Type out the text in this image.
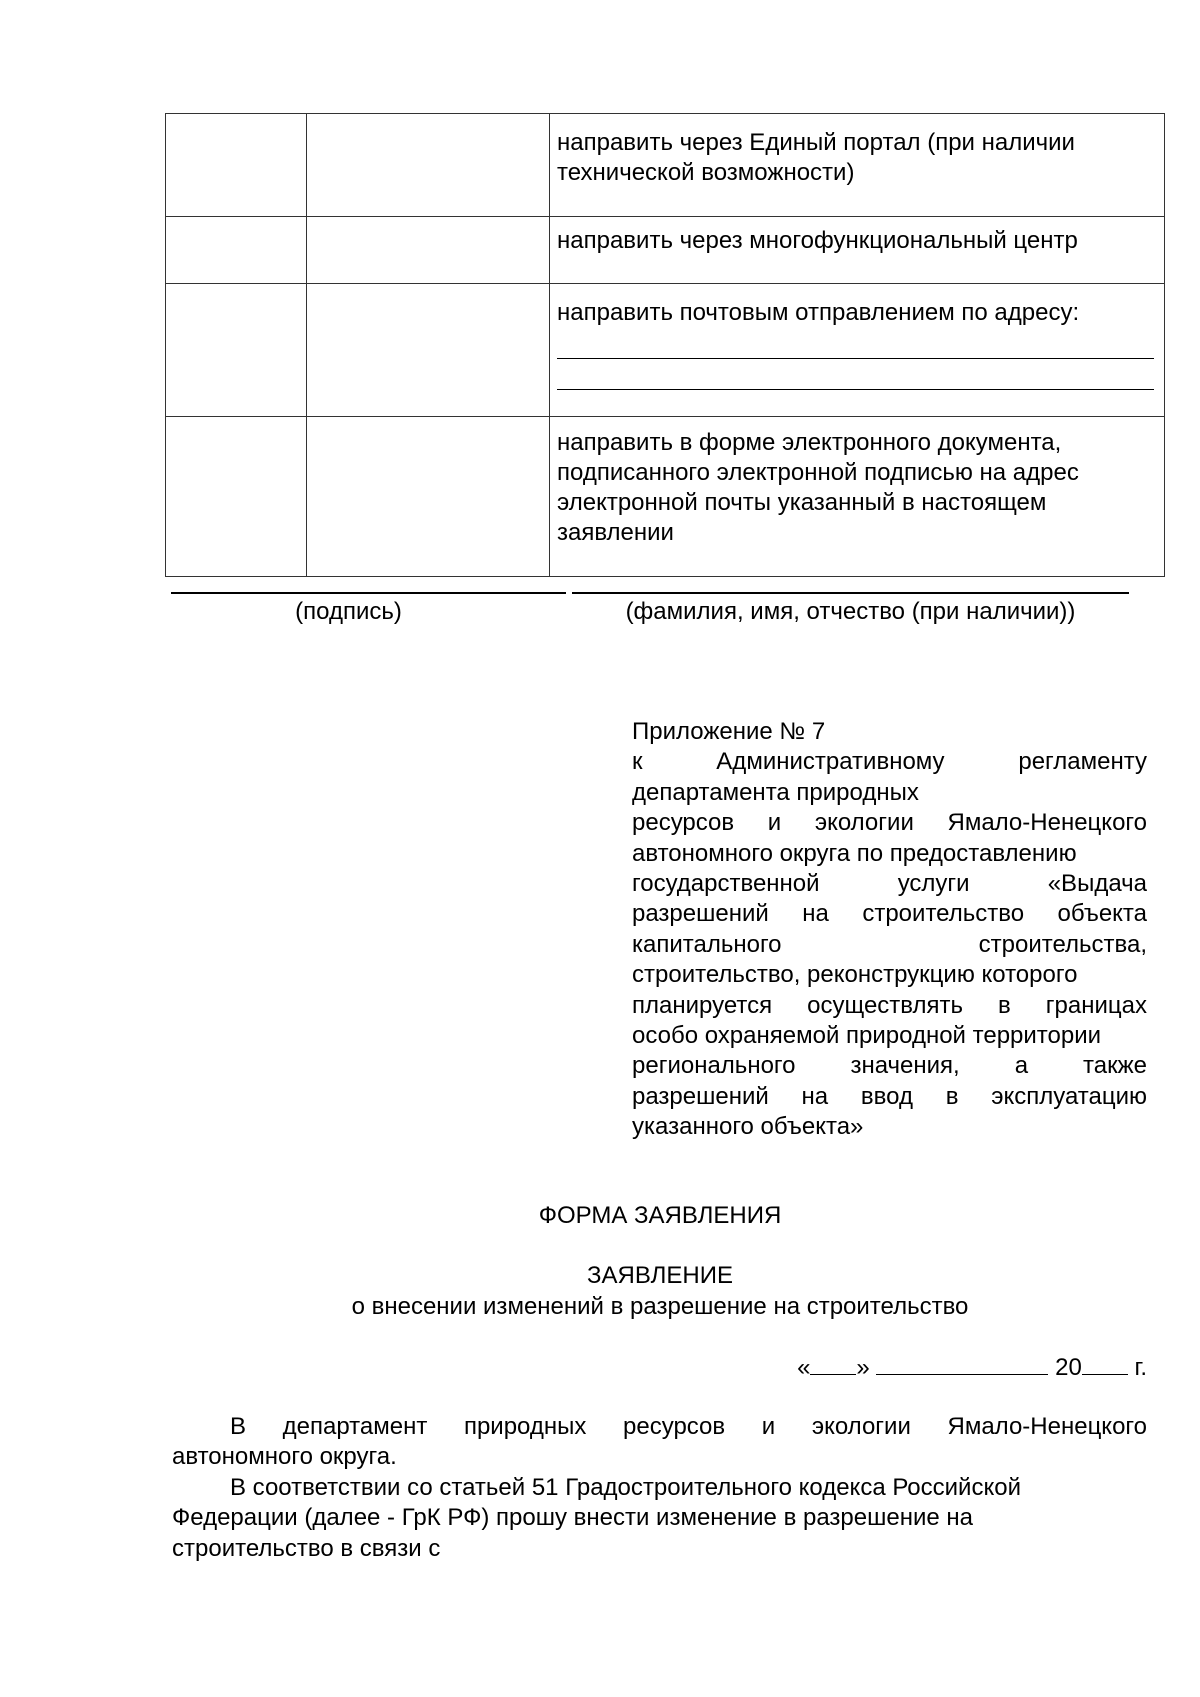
		направить через Единый портал (при наличии
технической возможности)

		направить через многофункциональный центр

		направить почтовым отправлением по адресу:

		направить в форме электронного документа,
подписанного электронной подписью на адрес
электронной почты указанный в настоящем
заявлении
(подпись)	(фамилия, имя, отчество (при наличии))
Приложение № 7
к Административному регламенту
департамента природных
ресурсов и экологии Ямало-Ненецкого
автономного округа по предоставлению
государственной услуги «Выдача
разрешений на строительство объекта
капитального строительства,
строительство, реконструкцию которого
планируется осуществлять в границах
особо охраняемой природной территории
регионального значения, а также
разрешений на ввод в эксплуатацию
указанного объекта»
ФОРМА ЗАЯВЛЕНИЯ
ЗАЯВЛЕНИЕ
о внесении изменений в разрешение на строительство
« »	20 г.
В департамент природных ресурсов и экологии Ямало-Ненецкого
автономного округа.
В соответствии со статьей 51 Градостроительного кодекса Российской
Федерации (далее - ГрК РФ) прошу внести изменение в разрешение на
строительство в связи с
